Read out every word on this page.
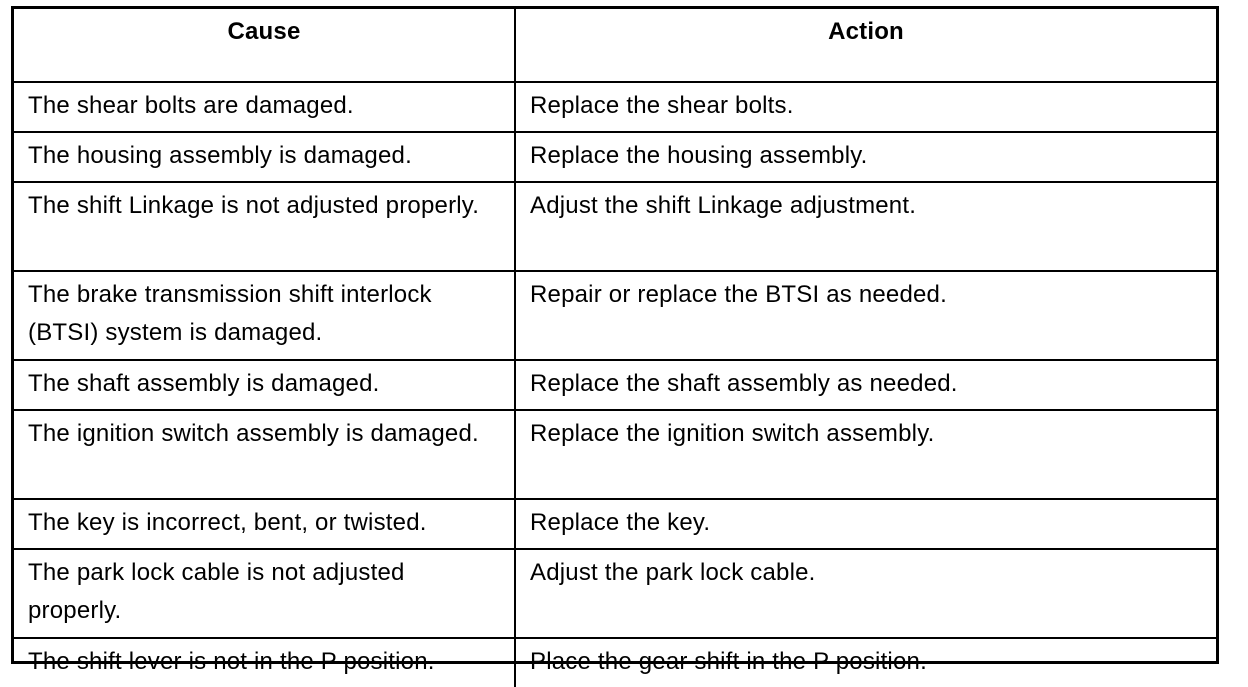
Cause	Action
The shear bolts are damaged.	Replace the shear bolts.
The housing assembly is damaged.	Replace the housing assembly.
The shift Linkage is not adjusted properly.	Adjust the shift Linkage adjustment.
The brake transmission shift interlock (BTSI) system is damaged.	Repair or replace the BTSI as needed.
The shaft assembly is damaged.	Replace the shaft assembly as needed.
The ignition switch assembly is damaged.	Replace the ignition switch assembly.
The key is incorrect, bent, or twisted.	Replace the key.
The park lock cable is not adjusted properly.	Adjust the park lock cable.
The shift lever is not in the P position.	Place the gear shift in the P position.
